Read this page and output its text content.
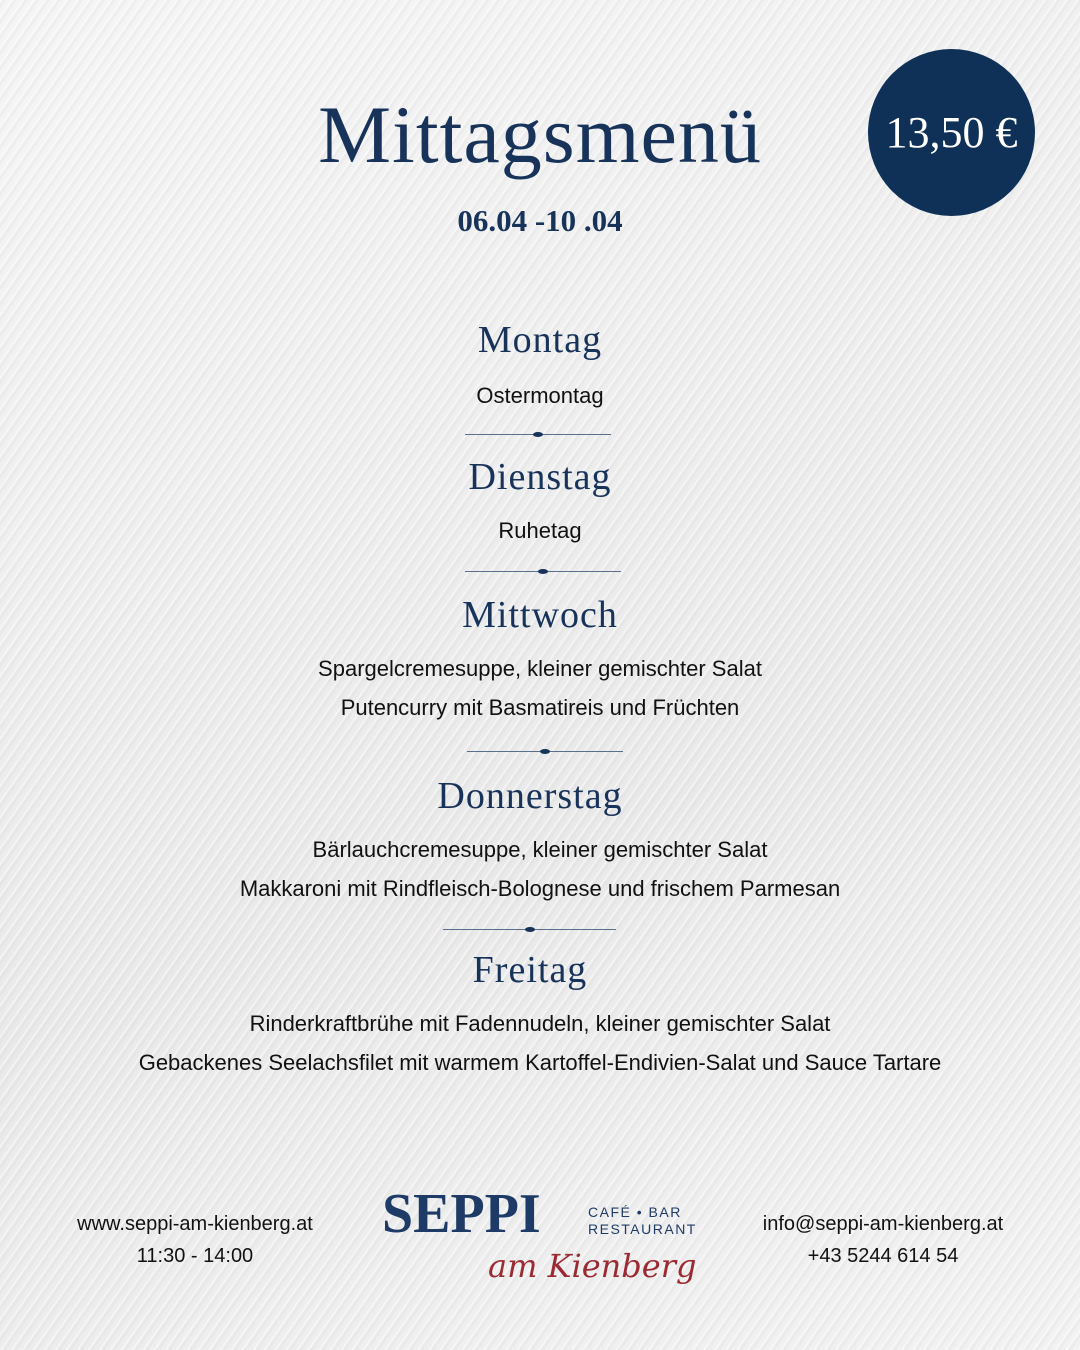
Mittagsmenü
06.04 -10 .04
13,50 €
Montag
Ostermontag
Dienstag
Ruhetag
Mittwoch
Spargelcremesuppe, kleiner gemischter Salat
Putencurry mit Basmatireis und Früchten
Donnerstag
Bärlauchcremesuppe, kleiner gemischter Salat
Makkaroni mit Rindfleisch-Bolognese und frischem Parmesan
Freitag
Rinderkraftbrühe mit Fadennudeln, kleiner gemischter Salat
Gebackenes Seelachsfilet mit warmem Kartoffel-Endivien-Salat und Sauce Tartare
www.seppi-am-kienberg.at
11:30 - 14:00
info@seppi-am-kienberg.at
+43 5244 614 54
SEPPI	CAFÉ • BAR
RESTAURANT
am Kienberg
